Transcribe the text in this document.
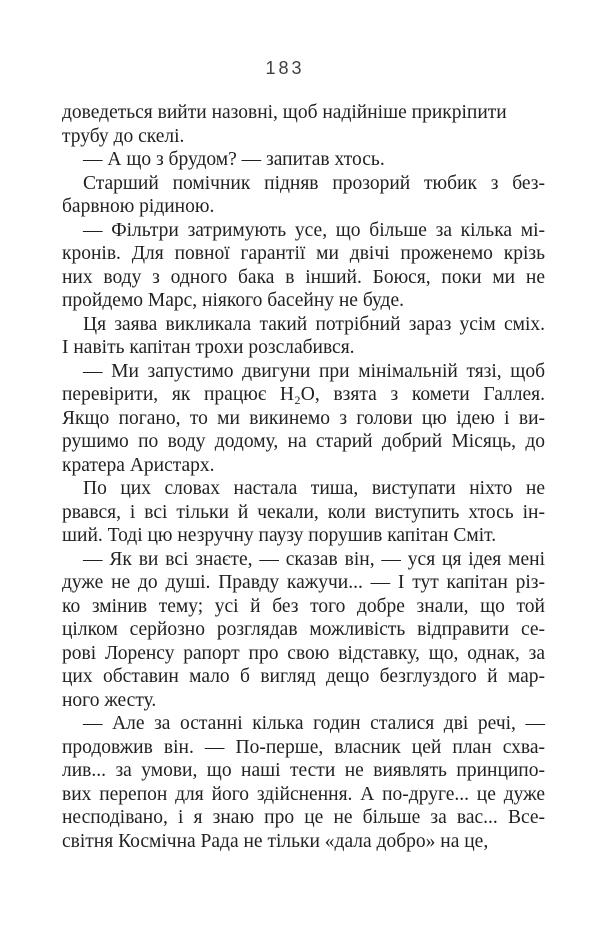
183
доведеться вийти назовні, щоб надійніше прикріпити
трубу до скелі.
— А що з брудом? — запитав хтось.
Старший помічник підняв прозорий тюбик з без-
барвною рідиною.
— Фільтри затримують усе, що більше за кілька мі-
кронів. Для повної гарантії ми двічі проженемо крізь
них воду з одного бака в інший. Боюся, поки ми не
пройдемо Марс, ніякого басейну не буде.
Ця заява викликала такий потрібний зараз усім сміх.
І навіть капітан трохи розслабився.
— Ми запустимо двигуни при мінімальній тязі, щоб
перевірити, як працює H₂O, взята з комети Галлея.
Якщо погано, то ми викинемо з голови цю ідею і ви-
рушимо по воду додому, на старий добрий Місяць, до
кратера Аристарх.
По цих словах настала тиша, виступати ніхто не
рвався, і всі тільки й чекали, коли виступить хтось ін-
ший. Тоді цю незручну паузу порушив капітан Сміт.
— Як ви всі знаєте, — сказав він, — уся ця ідея мені
дуже не до душі. Правду кажучи... — І тут капітан різ-
ко змінив тему; усі й без того добре знали, що той
цілком серйозно розглядав можливість відправити се-
рові Лоренсу рапорт про свою відставку, що, однак, за
цих обставин мало б вигляд дещо безглуздого й мар-
ного жесту.
— Але за останні кілька годин сталися дві речі, —
продовжив він. — По-перше, власник цей план схва-
лив... за умови, що наші тести не виявлять принципо-
вих перепон для його здійснення. А по-друге... це дуже
несподівано, і я знаю про це не більше за вас... Все-
світня Космічна Рада не тільки «дала добро» на це,
